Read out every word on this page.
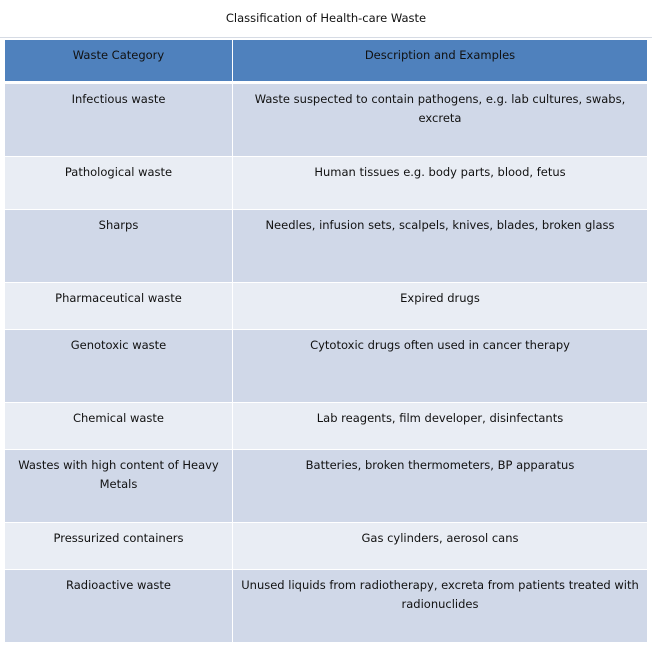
Classification of Health-care Waste
Waste Category	Description and Examples
Infectious waste	Waste suspected to contain pathogens, e.g. lab cultures, swabs, excreta
Pathological waste	Human tissues e.g. body parts, blood, fetus
Sharps	Needles, infusion sets, scalpels, knives, blades, broken glass
Pharmaceutical waste	Expired drugs
Genotoxic waste	Cytotoxic drugs often used in cancer therapy
Chemical waste	Lab reagents, film developer, disinfectants
Wastes with high content of Heavy Metals	Batteries, broken thermometers, BP apparatus
Pressurized containers	Gas cylinders, aerosol cans
Radioactive waste	Unused liquids from radiotherapy, excreta from patients treated with radionuclides
